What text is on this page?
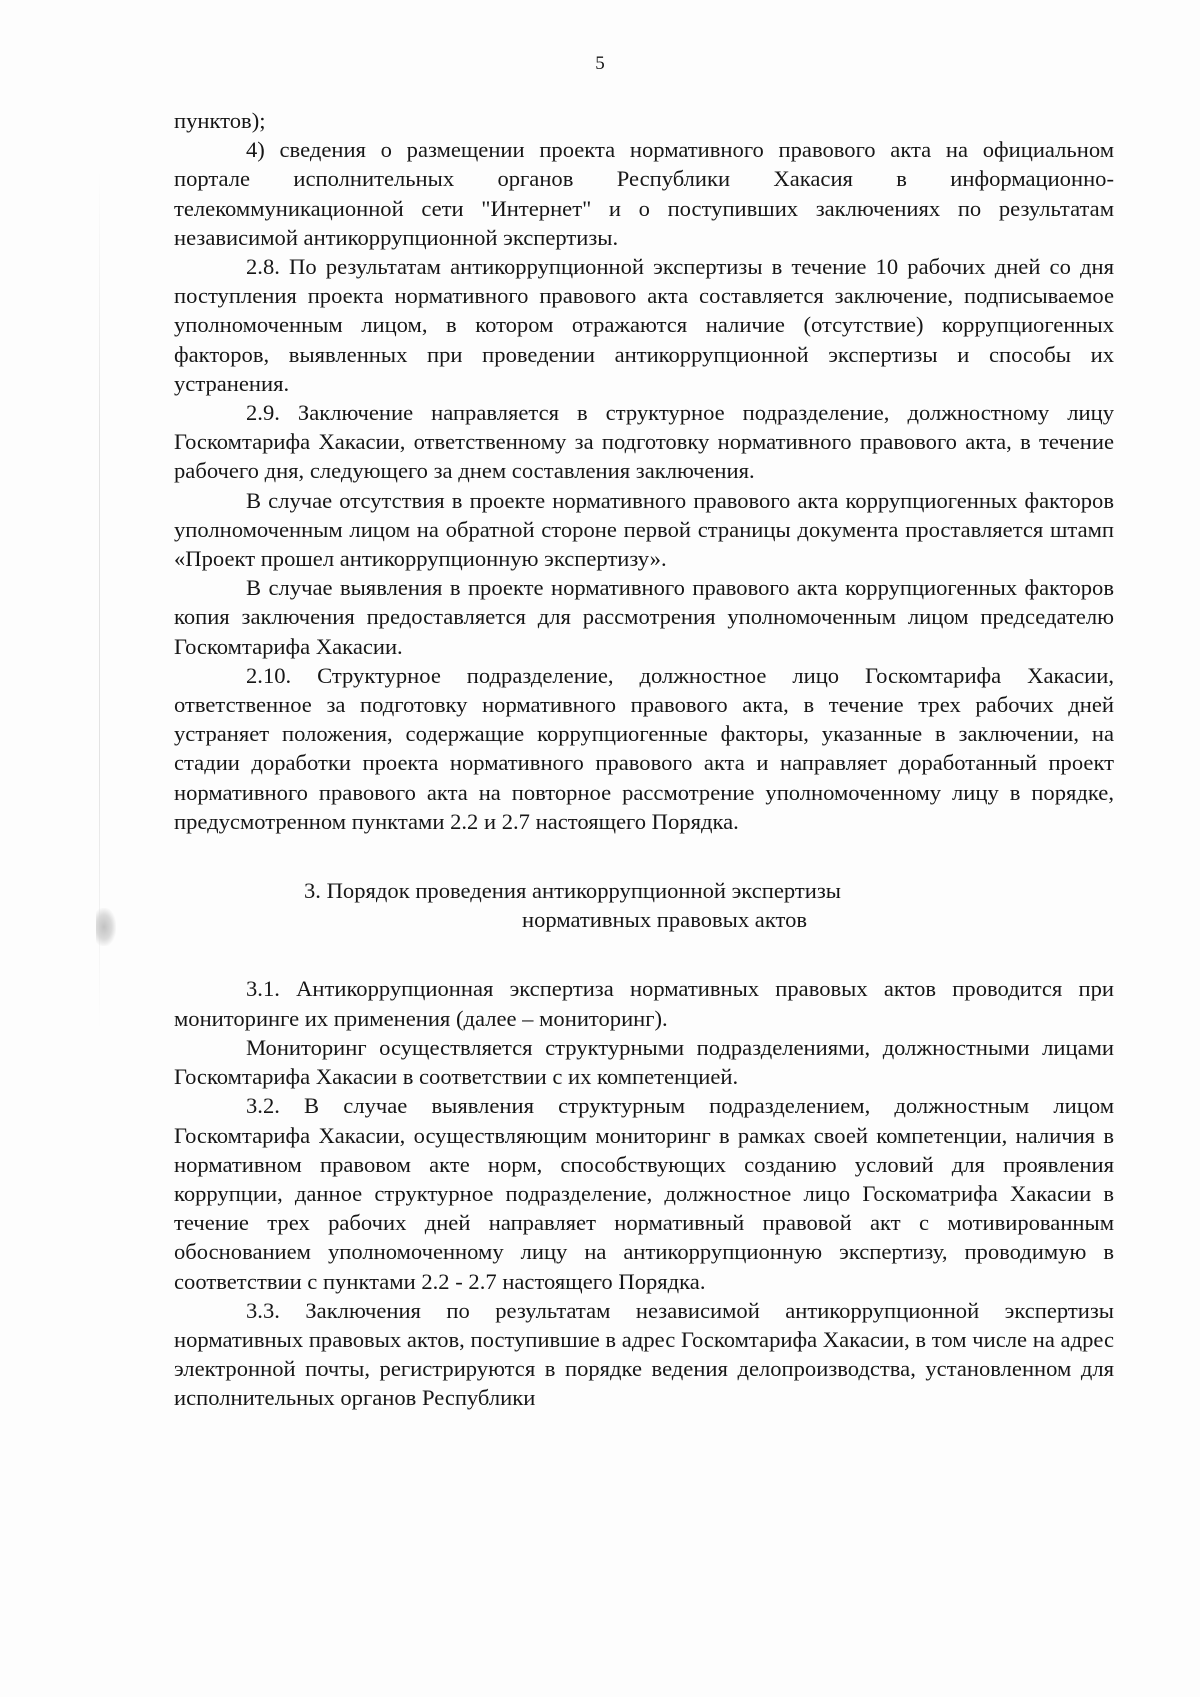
5

пунктов);

4) сведения о размещении проекта нормативного правового акта на официальном портале исполнительных органов Республики Хакасия в информационно-телекоммуникационной сети "Интернет" и о поступивших заключениях по результатам независимой антикоррупционной экспертизы.

2.8. По результатам антикоррупционной экспертизы в течение 10 рабочих дней со дня поступления проекта нормативного правового акта составляется заключение, подписываемое уполномоченным лицом, в котором отражаются наличие (отсутствие) коррупциогенных факторов, выявленных при проведении антикоррупционной экспертизы и способы их устранения.

2.9. Заключение направляется в структурное подразделение, должностному лицу Госкомтарифа Хакасии, ответственному за подготовку нормативного правового акта, в течение рабочего дня, следующего за днем составления заключения.

В случае отсутствия в проекте нормативного правового акта коррупциогенных факторов уполномоченным лицом на обратной стороне первой страницы документа проставляется штамп «Проект прошел антикоррупционную экспертизу».

В случае выявления в проекте нормативного правового акта коррупциогенных факторов копия заключения предоставляется для рассмотрения уполномоченным лицом председателю Госкомтарифа Хакасии.

2.10. Структурное подразделение, должностное лицо Госкомтарифа Хакасии, ответственное за подготовку нормативного правового акта, в течение трех рабочих дней устраняет положения, содержащие коррупциогенные факторы, указанные в заключении, на стадии доработки проекта нормативного правового акта и направляет доработанный проект нормативного правового акта на повторное рассмотрение уполномоченному лицу в порядке, предусмотренном пунктами 2.2 и 2.7 настоящего Порядка.

3. Порядок проведения антикоррупционной экспертизы
нормативных правовых актов

3.1. Антикоррупционная экспертиза нормативных правовых актов проводится при мониторинге их применения (далее – мониторинг).

Мониторинг осуществляется структурными подразделениями, должностными лицами Госкомтарифа Хакасии в соответствии с их компетенцией.

3.2. В случае выявления структурным подразделением, должностным лицом Госкомтарифа Хакасии, осуществляющим мониторинг в рамках своей компетенции, наличия в нормативном правовом акте норм, способствующих созданию условий для проявления коррупции, данное структурное подразделение, должностное лицо Госкоматрифа Хакасии в течение трех рабочих дней направляет нормативный правовой акт с мотивированным обоснованием уполномоченному лицу на антикоррупционную экспертизу, проводимую в соответствии с пунктами 2.2 - 2.7 настоящего Порядка.

3.3. Заключения по результатам независимой антикоррупционной экспертизы нормативных правовых актов, поступившие в адрес Госкомтарифа Хакасии, в том числе на адрес электронной почты, регистрируются в порядке ведения делопроизводства, установленном для исполнительных органов Республики
